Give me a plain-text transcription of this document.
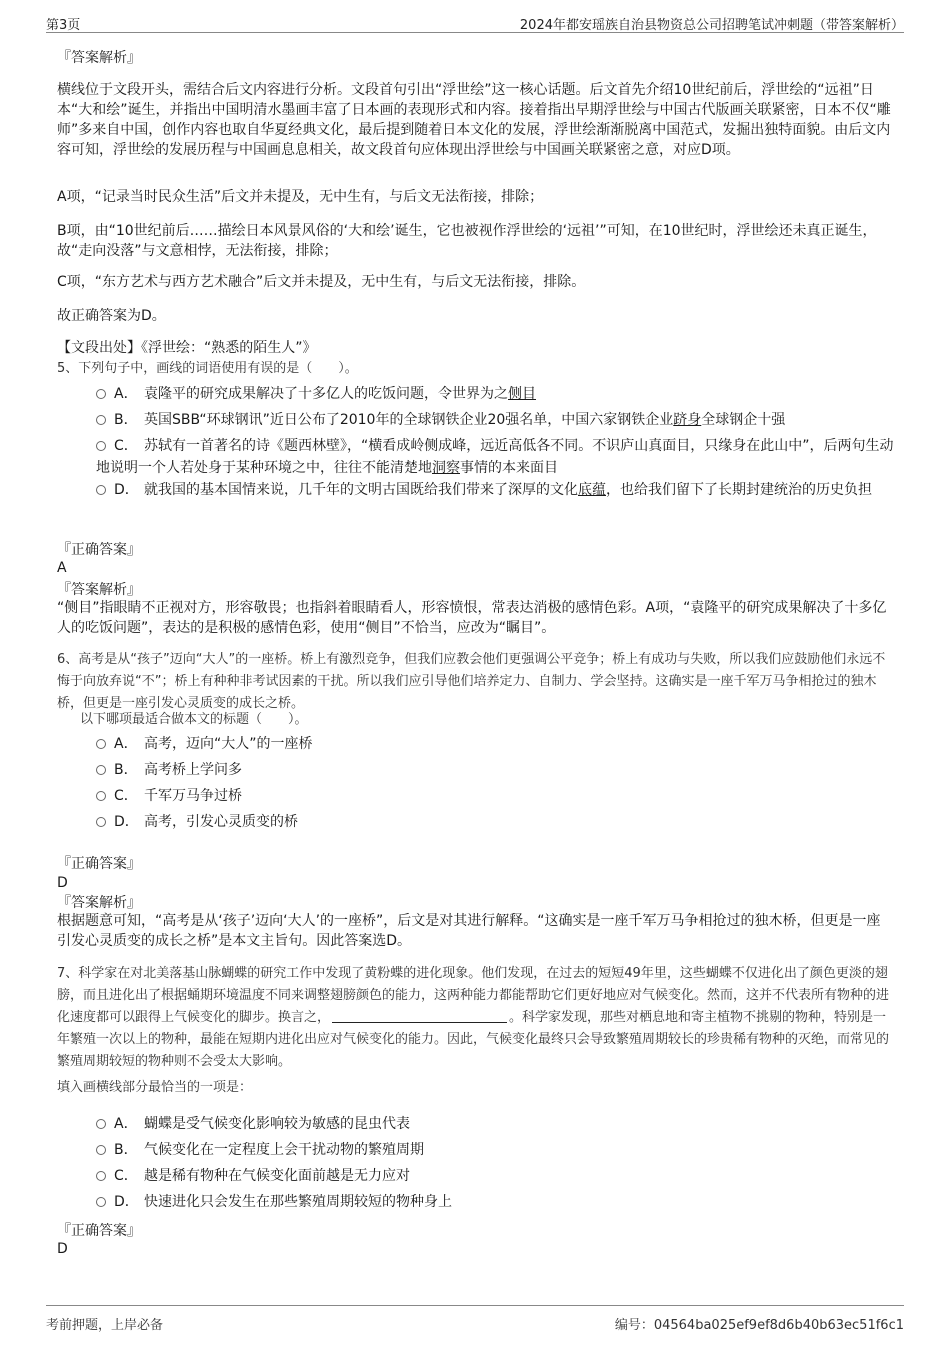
第3页	2024年都安瑶族自治县物资总公司招聘笔试冲刺题（带答案解析）
『答案解析』
横线位于文段开头，需结合后文内容进行分析。文段首句引出“浮世绘”这一核心话题。后文首先介绍10世纪前后，浮世绘的“远祖”日本“大和绘”诞生，并指出中国明清水墨画丰富了日本画的表现形式和内容。接着指出早期浮世绘与中国古代版画关联紧密，日本不仅“雕师”多来自中国，创作内容也取自华夏经典文化，最后提到随着日本文化的发展，浮世绘渐渐脱离中国范式，发掘出独特面貌。由后文内容可知，浮世绘的发展历程与中国画息息相关，故文段首句应体现出浮世绘与中国画关联紧密之意，对应D项。
A项，“记录当时民众生活”后文并未提及，无中生有，与后文无法衔接，排除；
B项，由“10世纪前后……描绘日本风景风俗的‘大和绘’诞生，它也被视作浮世绘的‘远祖’”可知，在10世纪时，浮世绘还未真正诞生，故“走向没落”与文意相悖，无法衔接，排除；
C项，“东方艺术与西方艺术融合”后文并未提及，无中生有，与后文无法衔接，排除。
故正确答案为D。
【文段出处】《浮世绘：“熟悉的陌生人”》
5、下列句子中，画线的词语使用有误的是（　　）。
A． 袁隆平的研究成果解决了十多亿人的吃饭问题，令世界为之侧目
B． 英国SBB“环球钢讯”近日公布了2010年的全球钢铁企业20强名单，中国六家钢铁企业跻身全球钢企十强
C． 苏轼有一首著名的诗《题西林壁》，“横看成岭侧成峰，远近高低各不同。不识庐山真面目，只缘身在此山中”，后两句生动地说明一个人若处身于某种环境之中，往往不能清楚地洞察事情的本来面目
D． 就我国的基本国情来说，几千年的文明古国既给我们带来了深厚的文化底蕴，也给我们留下了长期封建统治的历史负担
『正确答案』
A
『答案解析』
“侧目”指眼睛不正视对方，形容敬畏；也指斜着眼睛看人，形容愤恨，常表达消极的感情色彩。A项，“袁隆平的研究成果解决了十多亿人的吃饭问题”，表达的是积极的感情色彩，使用“侧目”不恰当，应改为“瞩目”。
6、高考是从“孩子”迈向“大人”的一座桥。桥上有激烈竞争，但我们应教会他们更强调公平竞争；桥上有成功与失败，所以我们应鼓励他们永远不悔于向放弃说“不”；桥上有种种非考试因素的干扰。所以我们应引导他们培养定力、自制力、学会坚持。这确实是一座千军万马争相抢过的独木桥，但更是一座引发心灵质变的成长之桥。
以下哪项最适合做本文的标题（　　）。
A． 高考，迈向“大人”的一座桥
B． 高考桥上学问多
C． 千军万马争过桥
D． 高考，引发心灵质变的桥
『正确答案』
D
『答案解析』
根据题意可知，“高考是从‘孩子’迈向‘大人’的一座桥”，后文是对其进行解释。“这确实是一座千军万马争相抢过的独木桥，但更是一座引发心灵质变的成长之桥”是本文主旨句。因此答案选D。
7、科学家在对北美落基山脉蝴蝶的研究工作中发现了黄粉蝶的进化现象。他们发现，在过去的短短49年里，这些蝴蝶不仅进化出了颜色更淡的翅膀，而且进化出了根据蛹期环境温度不同来调整翅膀颜色的能力，这两种能力都能帮助它们更好地应对气候变化。然而，这并不代表所有物种的进化速度都可以跟得上气候变化的脚步。换言之，	。科学家发现，那些对栖息地和寄主植物不挑剔的物种，特别是一年繁殖一次以上的物种，最能在短期内进化出应对气候变化的能力。因此，气候变化最终只会导致繁殖周期较长的珍贵稀有物种的灭绝，而常见的繁殖周期较短的物种则不会受太大影响。
填入画横线部分最恰当的一项是：
A． 蝴蝶是受气候变化影响较为敏感的昆虫代表
B． 气候变化在一定程度上会干扰动物的繁殖周期
C． 越是稀有物种在气候变化面前越是无力应对
D． 快速进化只会发生在那些繁殖周期较短的物种身上
『正确答案』
D
考前押题，上岸必备	编号：04564ba025ef9ef8d6b40b63ec51f6c1
